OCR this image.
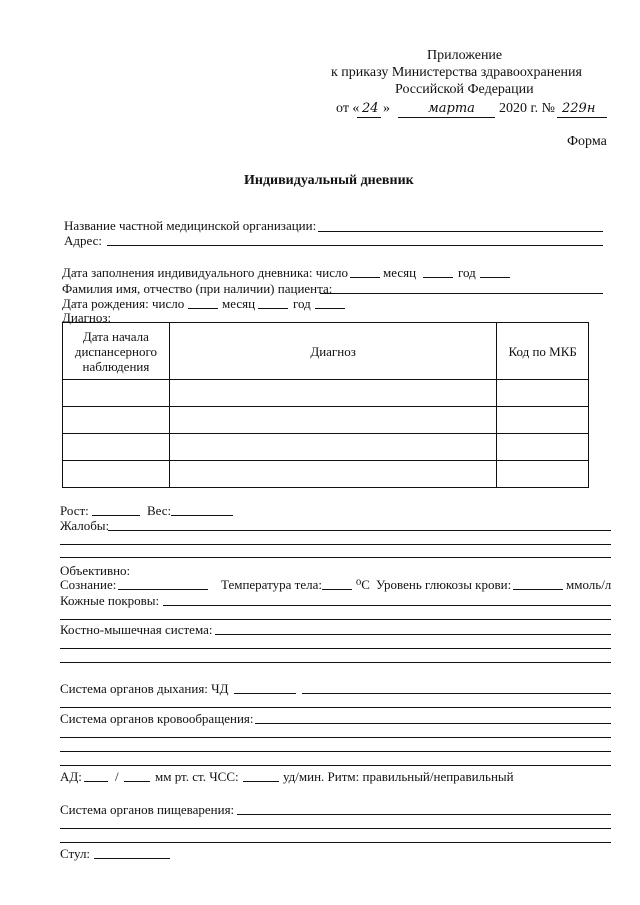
Приложение
к приказу Министерства здравоохранения
Российской Федерации
от « 24 »	марта 2020 г. № 229н
Форма
Индивидуальный дневник
Название частной медицинской организации:
Адрес:
Дата заполнения индивидуального дневника: число	месяц	год
Фамилия имя, отчество (при наличии) пациента:
Дата рождения: число	месяц	год
Диагноз:
Дата начала диспансерного наблюдения	Диагноз	Код по МКБ

Рост:	Вес:
Жалобы:
Объективно:
Сознание:	Температура тела:	⁰С Уровень глюкозы крови:	ммоль/л
Кожные покровы:
Костно-мышечная система:
Система органов дыхания: ЧД
Система органов кровообращения:
АД:	/	мм рт. ст. ЧСС:	уд/мин. Ритм: правильный/неправильный
Система органов пищеварения:
Стул:
